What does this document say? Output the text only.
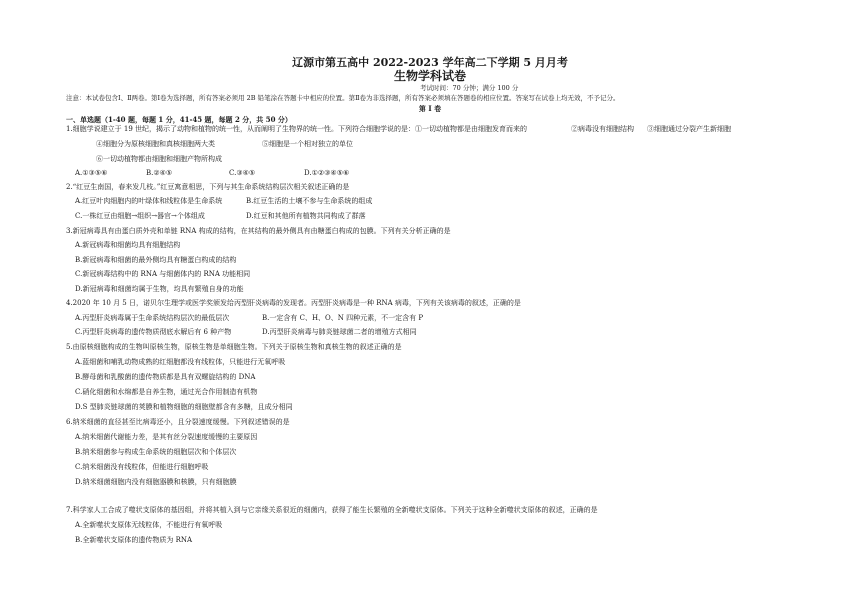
辽源市第五高中 2022-2023 学年高二下学期 5 月月考
生物学科试卷
考试时间：70 分钟；满分 100 分
注意：本试卷包含Ⅰ、Ⅱ两卷。第Ⅰ卷为选择题，所有答案必须用 2B 铅笔涂在答题卡中相应的位置。第Ⅱ卷为非选择题，所有答案必须填在答题卷的相应位置。答案写在试卷上均无效，不予记分。
第 I 卷
一、单选题（1-40 题，每题 1 分，41-45 题，每题 2 分，共 50 分）
1.细胞学说建立于 19 世纪，揭示了动物和植物的统一性，从而阐明了生物界的统一性。下列符合细胞学说的是：①一切动植物都是由细胞发育而来的	②病毒没有细胞结构 ③细胞通过分裂产生新细胞
④细胞分为原核细胞和真核细胞两大类	⑤细胞是一个相对独立的单位
⑥一切动植物都由细胞和细胞产物所构成
A.①③⑤⑥	B.②④⑤	C.③④⑤	D.①②③④⑤⑥
2.“红豆生南国，春来发几枝。”红豆寓意相思，下列与其生命系统结构层次相关叙述正确的是
A.红豆叶肉细胞内的叶绿体和线粒体是生命系统	B.红豆生活的土壤不参与生命系统的组成
C.一株红豆由细胞→组织→器官→个体组成	D.红豆和其他所有植物共同构成了群落
3.新冠病毒具有由蛋白质外壳和单链 RNA 构成的结构，在其结构的最外侧具有由糖蛋白构成的包膜。下列有关分析正确的是
A.新冠病毒和细菌均具有细胞结构
B.新冠病毒和细菌的最外侧均具有糖蛋白构成的结构
C.新冠病毒结构中的 RNA 与细菌体内的 RNA 功能相同
D.新冠病毒和细菌均属于生物，均具有繁殖自身的功能
4.2020 年 10 月 5 日，诺贝尔生理学或医学奖颁发给丙型肝炎病毒的发现者。丙型肝炎病毒是一种 RNA 病毒，下列有关该病毒的叙述，正确的是
A.丙型肝炎病毒属于生命系统结构层次的最低层次	B.一定含有 C、H、O、N 四种元素，不一定含有 P
C.丙型肝炎病毒的遗传物质彻底水解后有 6 种产物	D.丙型肝炎病毒与肺炎链球菌二者的增殖方式相同
5.由原核细胞构成的生物叫原核生物，原核生物是单细胞生物。下列关于原核生物和真核生物的叙述正确的是
A.蓝细菌和哺乳动物成熟的红细胞都没有线粒体，只能进行无氧呼吸
B.酵母菌和乳酸菌的遗传物质都是具有双螺旋结构的 DNA
C.硝化细菌和水绵都是自养生物，通过光合作用制造有机物
D.S 型肺炎链球菌的荚膜和植物细胞的细胞壁都含有多糖，且成分相同
6.纳米细菌的直径甚至比病毒还小，且分裂速度缓慢。下列叙述错误的是
A.纳米细菌代谢能力差，是其有丝分裂速度缓慢的主要原因
B.纳米细菌参与构成生命系统的细胞层次和个体层次
C.纳米细菌没有线粒体，但能进行细胞呼吸
D.纳米细菌细胞内没有细胞器膜和核膜，只有细胞膜
7.科学家人工合成了噬状支原体的基因组，并将其植入到与它亲缘关系很近的细菌内，获得了能生长繁殖的全新噬状支原体。下列关于这种全新噬状支原体的叙述，正确的是
A.全新噬状支原体无线粒体，不能进行有氧呼吸
B.全新噬状支原体的遗传物质为 RNA
